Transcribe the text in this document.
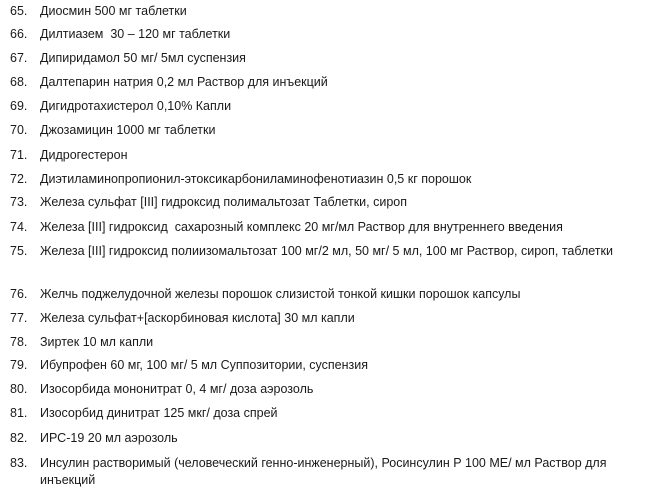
65.	Диосмин 500 мг таблетки
66.	Дилтиазем  30 – 120 мг таблетки
67.	Дипиридамол 50 мг/ 5мл суспензия
68.	Далтепарин натрия 0,2 мл Раствор для инъекций
69.	Дигидротахистерол 0,10% Капли
70.	Джозамицин 1000 мг таблетки
71.	Дидрогестерон
72.	Диэтиламинопропионил-этоксикарбониламинофенотиазин 0,5 кг порошок
73.	Железа сульфат [III] гидроксид полимальтозат Таблетки, сироп
74.	Железа [III] гидроксид  сахарозный комплекс 20 мг/мл Раствор для внутреннего введения
75.	Железа [III] гидроксид полиизомальтозат 100 мг/2 мл, 50 мг/ 5 мл, 100 мг Раствор, сироп, таблетки
76.	Желчь поджелудочной железы порошок слизистой тонкой кишки порошок капсулы
77.	Железа сульфат+[аскорбиновая кислота] 30 мл капли
78.	Зиртек 10 мл капли
79.	Ибупрофен 60 мг, 100 мг/ 5 мл Суппозитории, суспензия
80.	Изосорбида мононитрат 0, 4 мг/ доза аэрозоль
81.	Изосорбид динитрат 125 мкг/ доза спрей
82.	ИРС-19 20 мл аэрозоль
83.	Инсулин растворимый (человеческий генно-инженерный), Росинсулин Р 100 МЕ/ мл Раствор для инъекций
